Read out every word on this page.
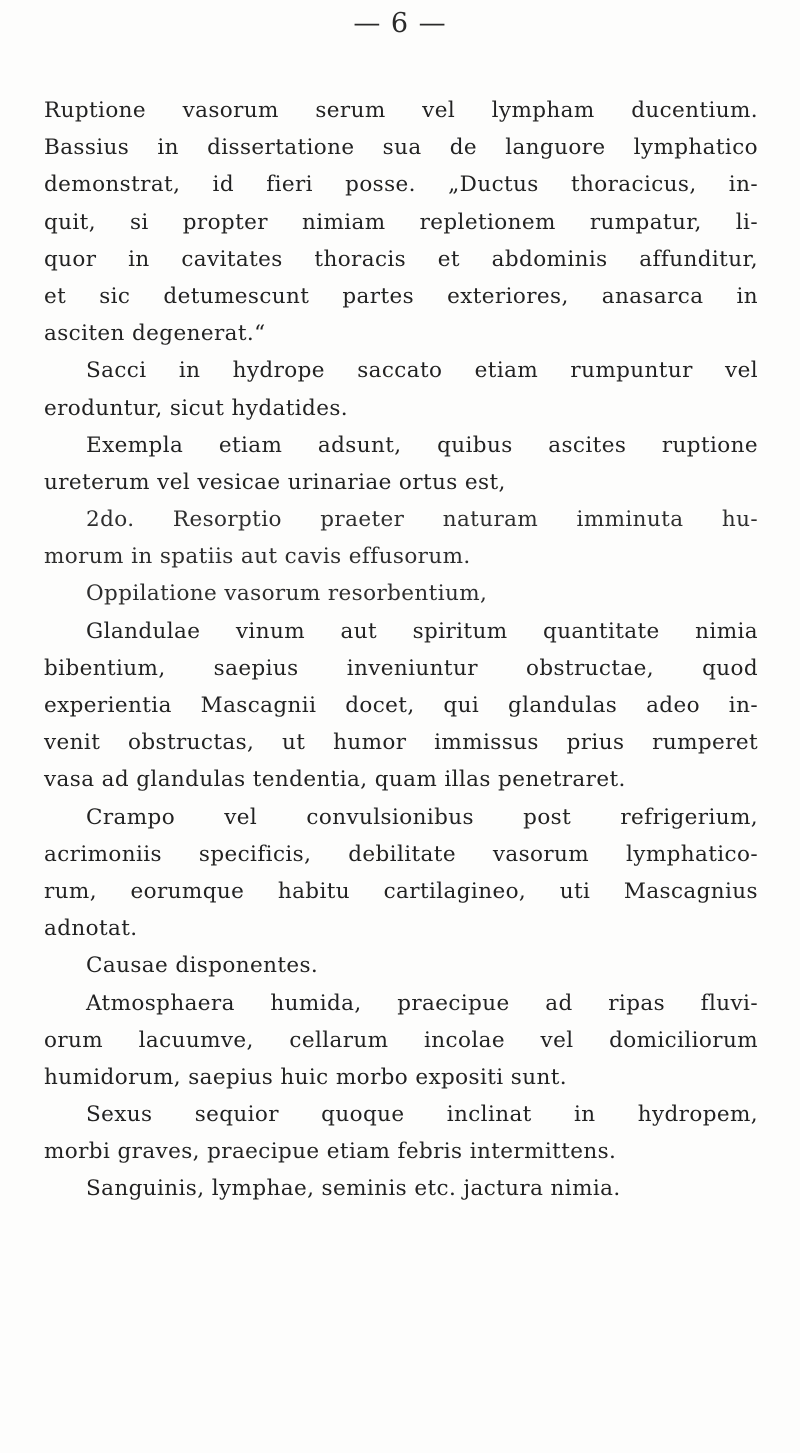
— 6 —
Ruptione vasorum serum vel lympham ducentium.
Bassius in dissertatione sua de languore lymphatico
demonstrat, id fieri posse. „Ductus thoracicus, in-
quit, si propter nimiam repletionem rumpatur, li-
quor in cavitates thoracis et abdominis affunditur,
et sic detumescunt partes exteriores, anasarca in
asciten degenerat.“
Sacci in hydrope saccato etiam rumpuntur vel
eroduntur, sicut hydatides.
Exempla etiam adsunt, quibus ascites ruptione
ureterum vel vesicae urinariae ortus est,
2do. Resorptio praeter naturam imminuta hu-
morum in spatiis aut cavis effusorum.
Oppilatione vasorum resorbentium,
Glandulae vinum aut spiritum quantitate nimia
bibentium, saepius inveniuntur obstructae, quod
experientia Mascagnii docet, qui glandulas adeo in-
venit obstructas, ut humor immissus prius rumperet
vasa ad glandulas tendentia, quam illas penetraret.
Crampo vel convulsionibus post refrigerium,
acrimoniis specificis, debilitate vasorum lymphatico-
rum, eorumque habitu cartilagineo, uti Mascagnius
adnotat.
Causae disponentes.
Atmosphaera humida, praecipue ad ripas fluvi-
orum lacuumve, cellarum incolae vel domiciliorum
humidorum, saepius huic morbo expositi sunt.
Sexus sequior quoque inclinat in hydropem,
morbi graves, praecipue etiam febris intermittens.
Sanguinis, lymphae, seminis etc. jactura nimia.
